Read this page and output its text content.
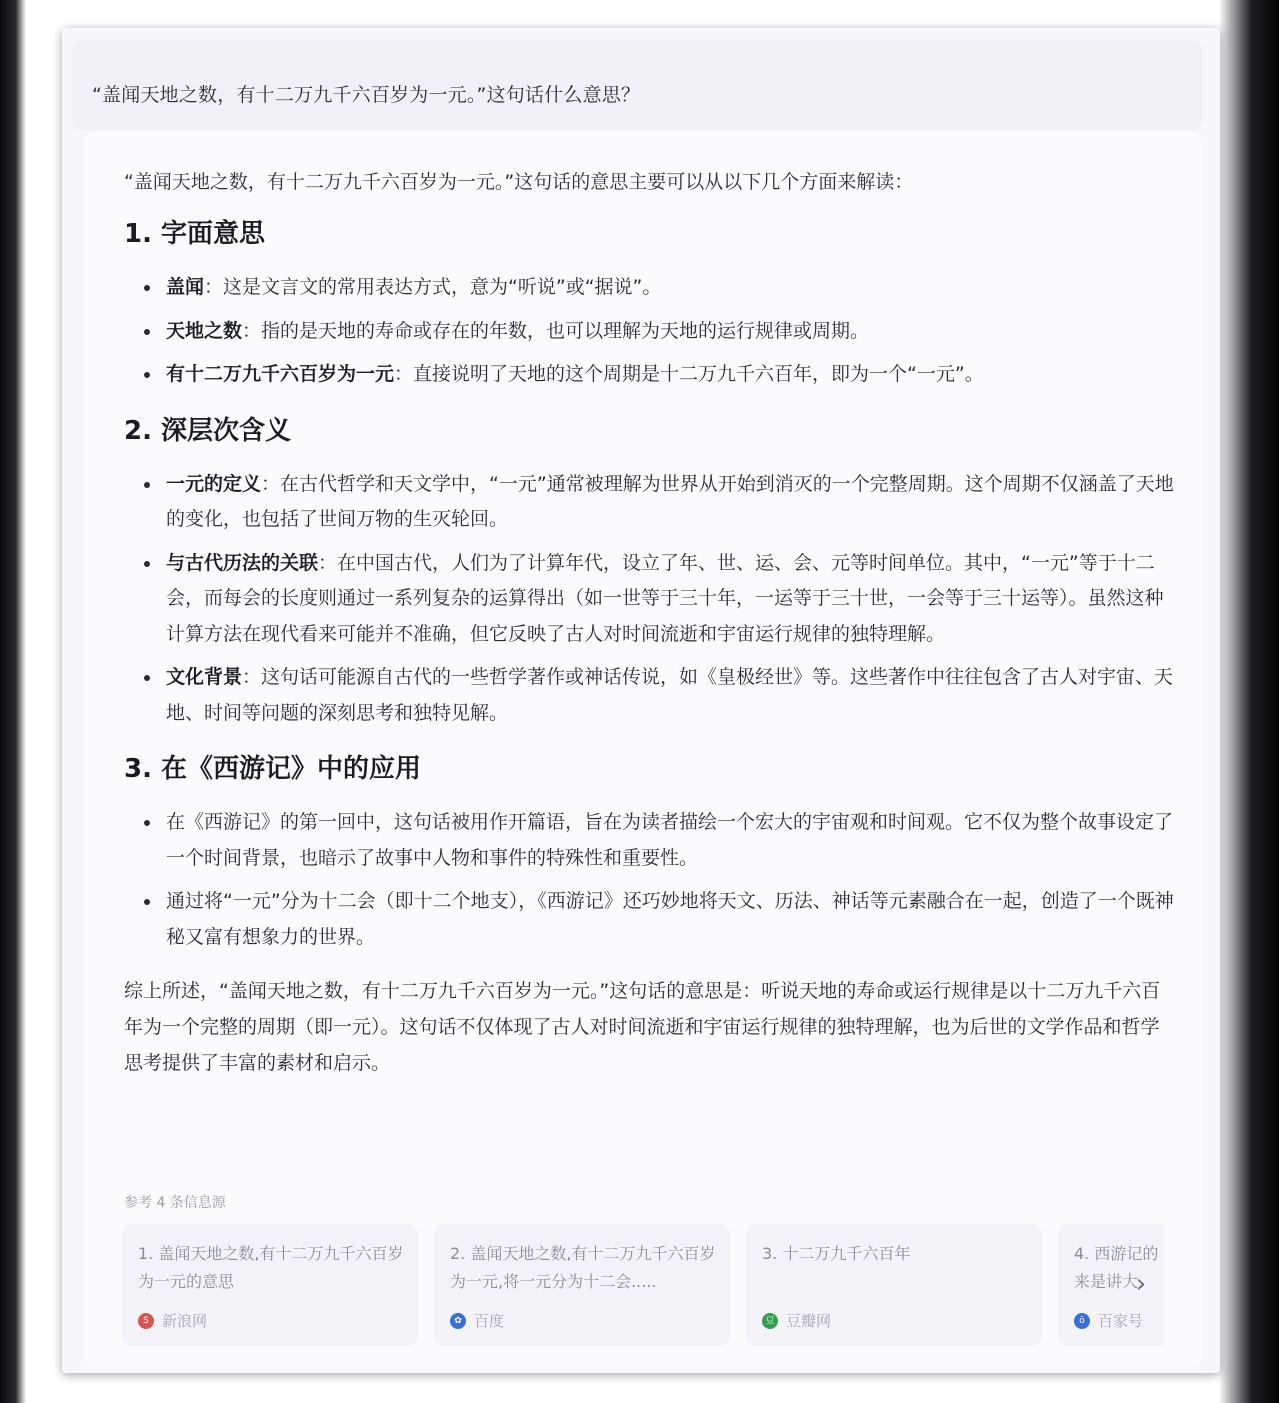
“盖闻天地之数，有十二万九千六百岁为一元。”这句话什么意思？

“盖闻天地之数，有十二万九千六百岁为一元。”这句话的意思主要可以从以下几个方面来解读：

1. 字面意思
盖闻：这是文言文的常用表达方式，意为“听说”或“据说”。
天地之数：指的是天地的寿命或存在的年数，也可以理解为天地的运行规律或周期。
有十二万九千六百岁为一元：直接说明了天地的这个周期是十二万九千六百年，即为一个“一元”。
2. 深层次含义
一元的定义：在古代哲学和天文学中，“一元”通常被理解为世界从开始到消灭的一个完整周期。这个周期不仅涵盖了天地的变化，也包括了世间万物的生灭轮回。
与古代历法的关联：在中国古代，人们为了计算年代，设立了年、世、运、会、元等时间单位。其中，“一元”等于十二会，而每会的长度则通过一系列复杂的运算得出（如一世等于三十年，一运等于三十世，一会等于三十运等）。虽然这种计算方法在现代看来可能并不准确，但它反映了古人对时间流逝和宇宙运行规律的独特理解。
文化背景：这句话可能源自古代的一些哲学著作或神话传说，如《皇极经世》等。这些著作中往往包含了古人对宇宙、天地、时间等问题的深刻思考和独特见解。
3. 在《西游记》中的应用
在《西游记》的第一回中，这句话被用作开篇语，旨在为读者描绘一个宏大的宇宙观和时间观。它不仅为整个故事设定了一个时间背景，也暗示了故事中人物和事件的特殊性和重要性。
通过将“一元”分为十二会（即十二个地支），《西游记》还巧妙地将天文、历法、神话等元素融合在一起，创造了一个既神秘又富有想象力的世界。

综上所述，“盖闻天地之数，有十二万九千六百岁为一元。”这句话的意思是：听说天地的寿命或运行规律是以十二万九千六百年为一个完整的周期（即一元）。这句话不仅体现了古人对时间流逝和宇宙运行规律的独特理解，也为后世的文学作品和哲学思考提供了丰富的素材和启示。

参考 4 条信息源
1. 盖闻天地之数,有十二万九千六百岁为一元的意思
S 新浪网
2. 盖闻天地之数,有十二万九千六百岁为一元,将一元分为十二会.....
✿ 百度
3. 十二万九千六百年
豆 豆瓣网
4. 西游记的来是讲大
ö 百家号
›
